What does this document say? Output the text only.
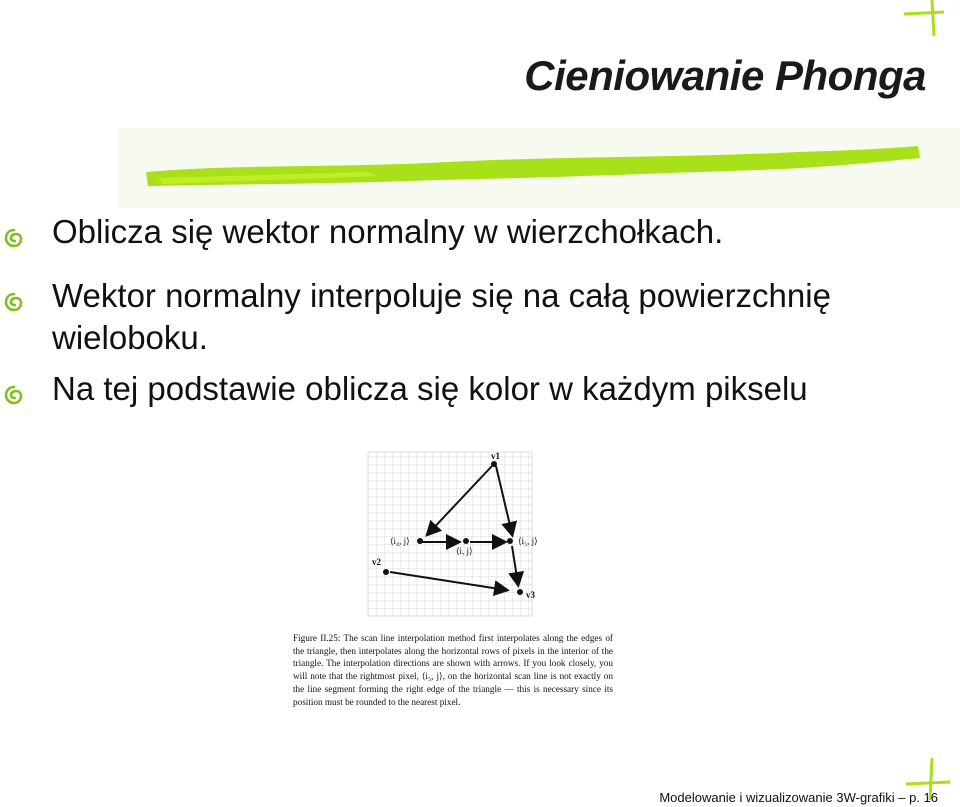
Cieniowanie Phonga
Oblicza się wektor normalny w wierzchołkach.
Wektor normalny interpoluje się na całą powierzchnię wieloboku.
Na tej podstawie oblicza się kolor w każdym pikselu
v1
⟨i₄, j⟩
⟨i, j⟩
⟨i₅, j⟩
v2
v3
Figure II.25: The scan line interpolation method first interpolates along the edges of the triangle, then interpolates along the horizontal rows of pixels in the interior of the triangle. The interpolation directions are shown with arrows. If you look closely, you will note that the rightmost pixel, ⟨i₅, j⟩, on the horizontal scan line is not exactly on the line segment forming the right edge of the triangle — this is necessary since its position must be rounded to the nearest pixel.
Modelowanie i wizualizowanie 3W-grafiki – p. 16
